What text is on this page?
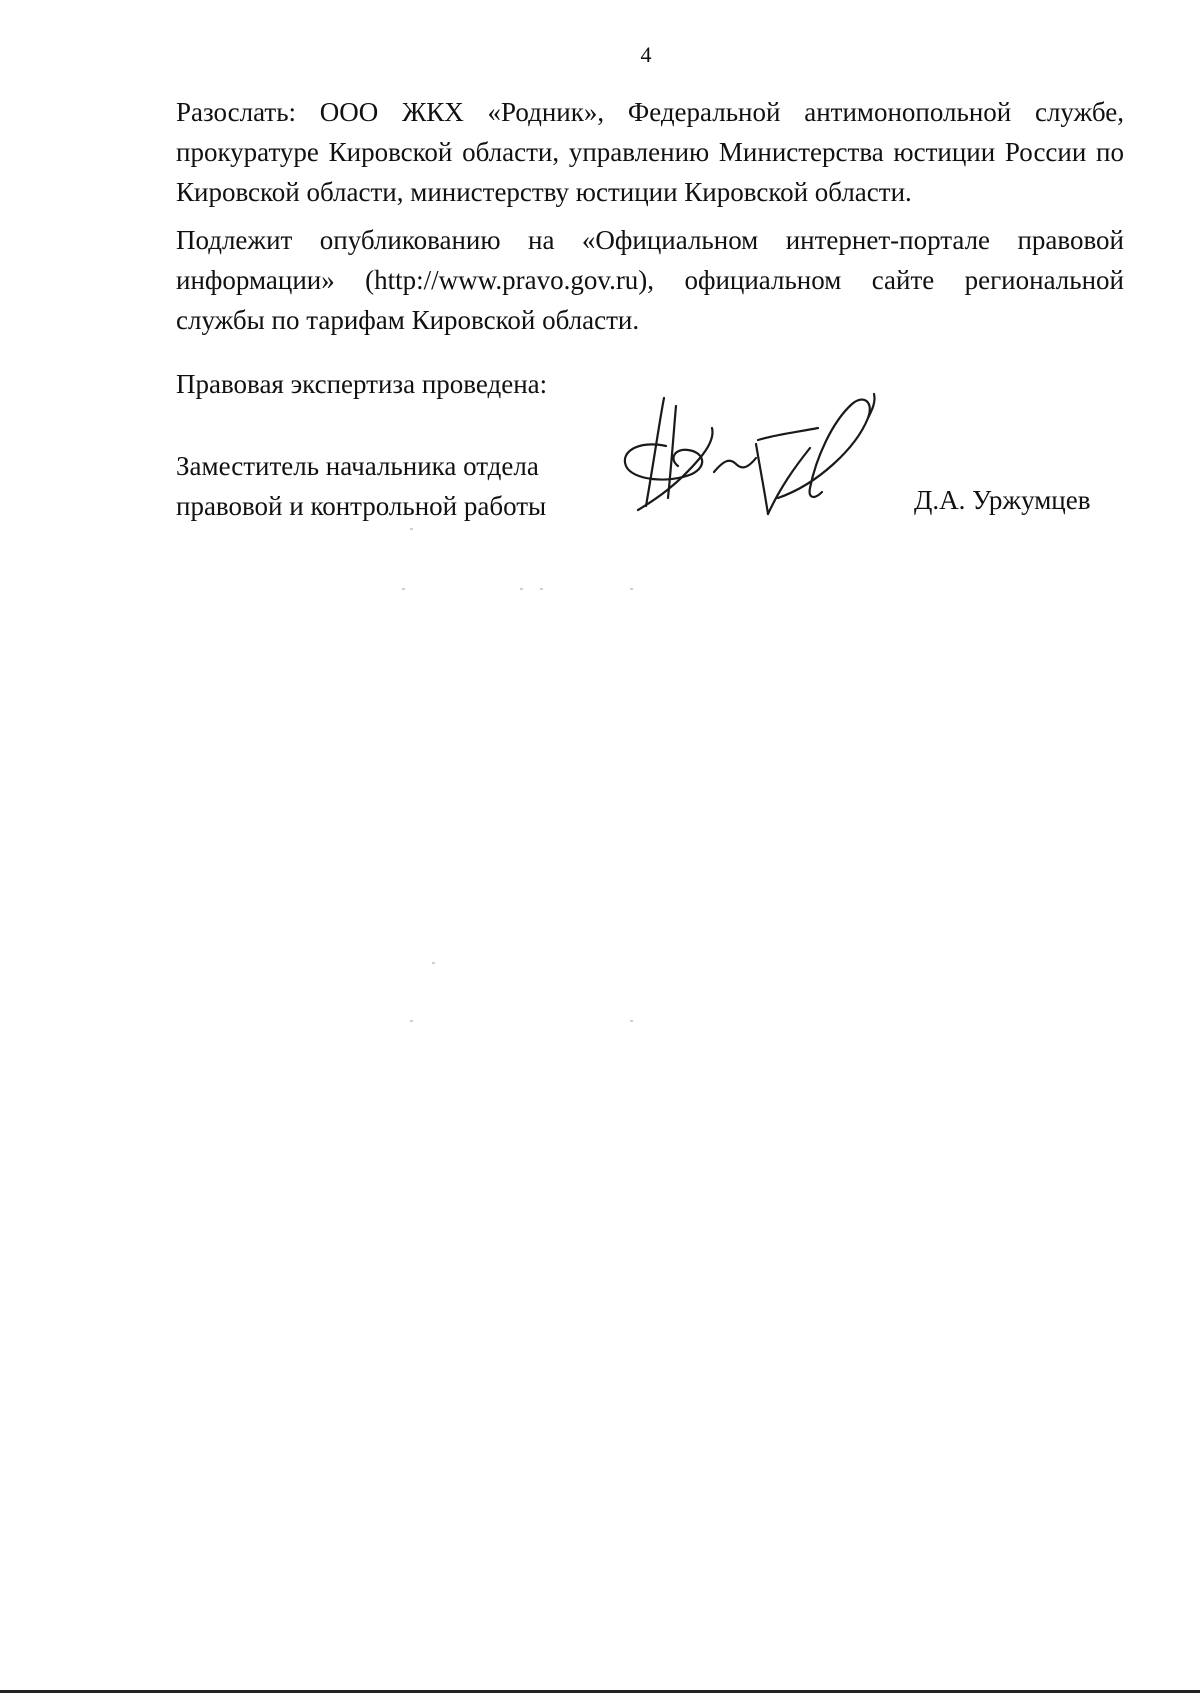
4

Разослать: ООО ЖКХ «Родник», Федеральной антимонопольной службе, прокуратуре Кировской области, управлению Министерства юстиции России по Кировской области, министерству юстиции Кировской области.

Подлежит опубликованию на «Официальном интернет-портале правовой информации» (http://www.pravo.gov.ru), официальном сайте региональной службы по тарифам Кировской области.

Правовая экспертиза проведена:
Заместитель начальника отдела
правовой и контрольной работы	Д.А. Уржумцев
